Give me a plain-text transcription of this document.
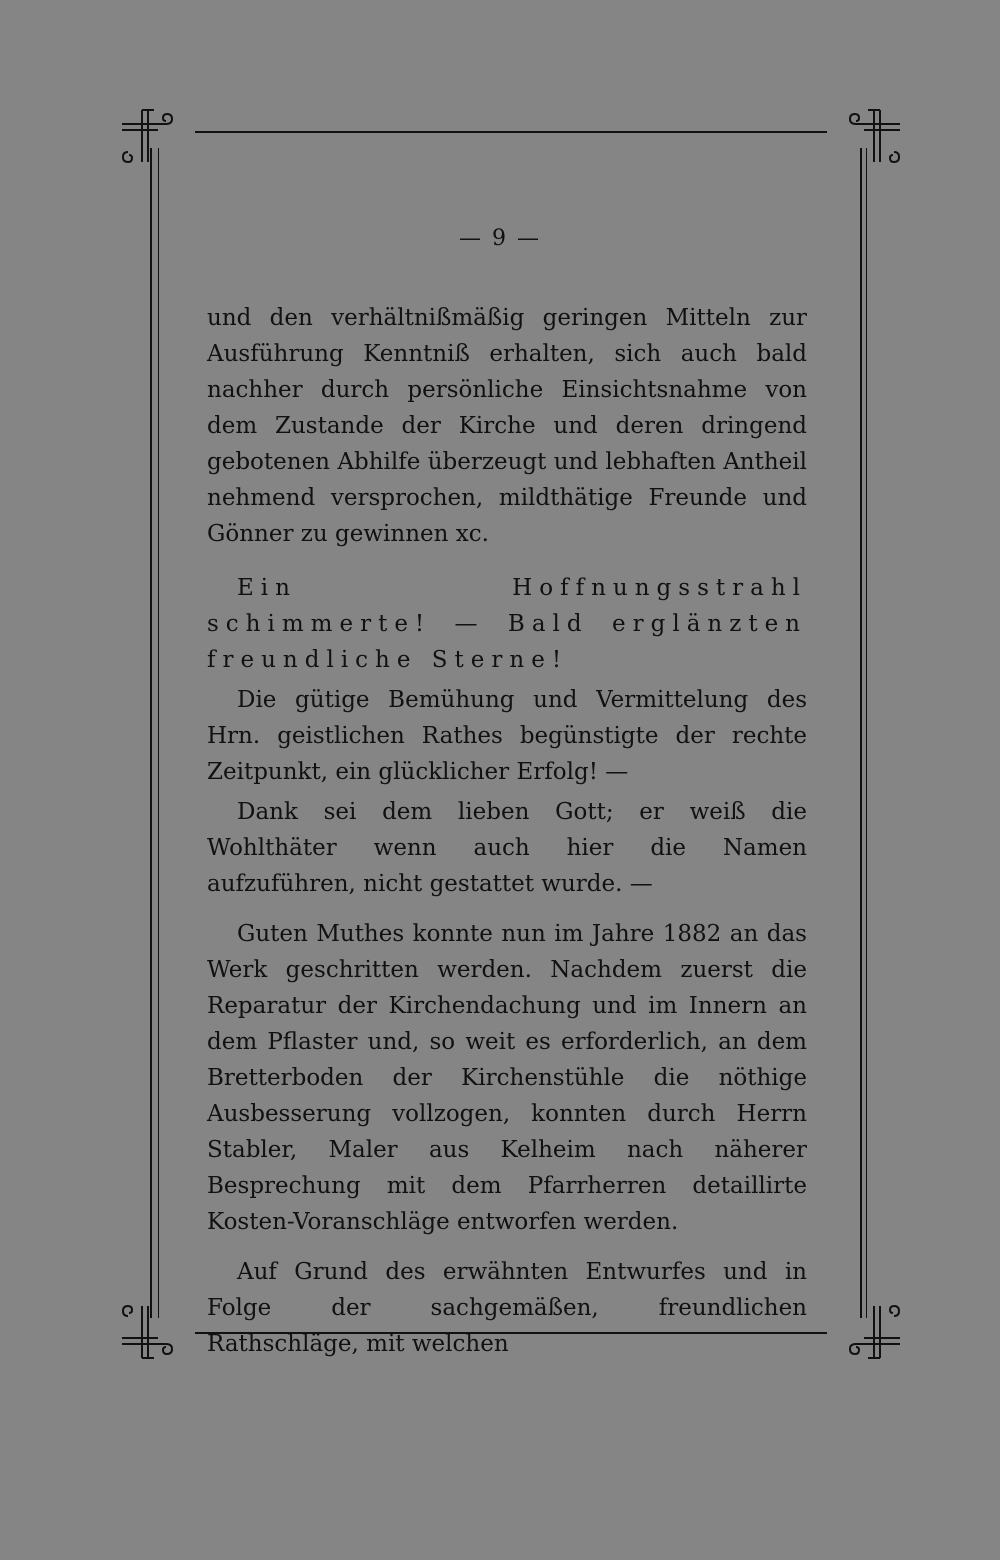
— 9 —

und den verhältnißmäßig geringen Mitteln zur Ausführung Kenntniß erhalten, sich auch bald nachher durch persönliche Einsichtsnahme von dem Zustande der Kirche und deren dringend gebotenen Abhilfe überzeugt und lebhaften Antheil nehmend versprochen, mildthätige Freunde und Gönner zu gewinnen xc.

Ein Hoffnungsstrahl schimmerte! — Bald erglänzten freundliche Sterne!

Die gütige Bemühung und Vermittelung des Hrn. geistlichen Rathes begünstigte der rechte Zeitpunkt, ein glücklicher Erfolg! —

Dank sei dem lieben Gott; er weiß die Wohlthäter wenn auch hier die Namen aufzuführen, nicht gestattet wurde. —

Guten Muthes konnte nun im Jahre 1882 an das Werk geschritten werden. Nachdem zuerst die Reparatur der Kirchendachung und im Innern an dem Pflaster und, so weit es erforderlich, an dem Bretterboden der Kirchenstühle die nöthige Ausbesserung vollzogen, konnten durch Herrn Stabler, Maler aus Kelheim nach näherer Besprechung mit dem Pfarrherren detaillirte Kosten-Voranschläge entworfen werden.

Auf Grund des erwähnten Entwurfes und in Folge der sachgemäßen, freundlichen Rathschläge, mit welchen
